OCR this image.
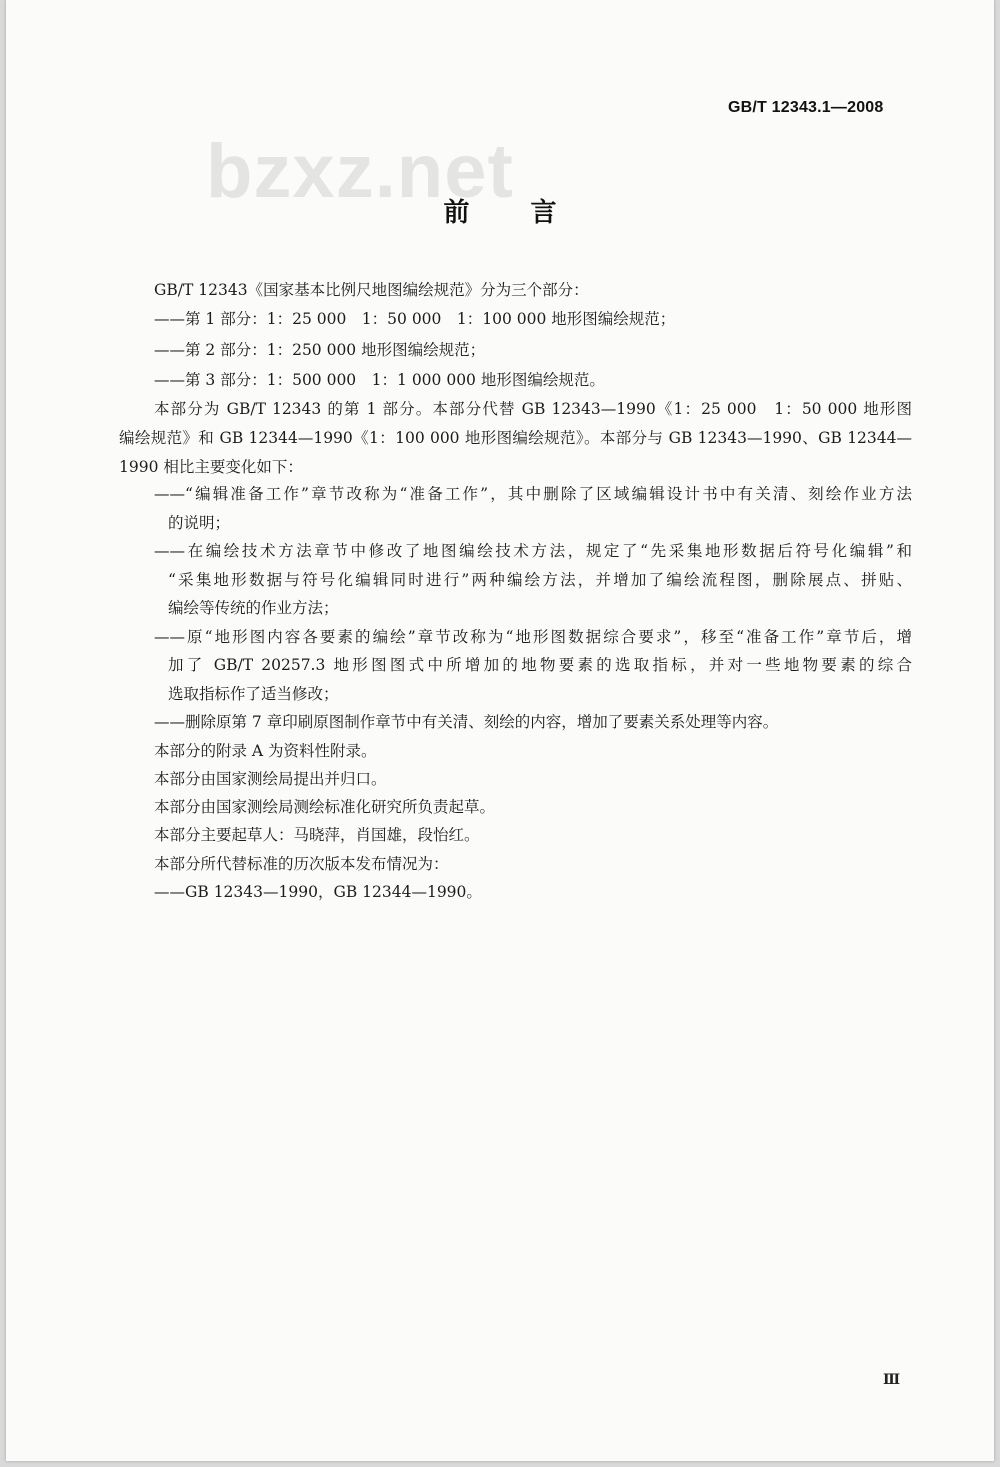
GB/T 12343.1—2008
bzxz.net
前 言
GB/T 12343《国家基本比例尺地图编绘规范》分为三个部分：
——第 1 部分：1：25 000　1：50 000　1：100 000 地形图编绘规范；
——第 2 部分：1：250 000 地形图编绘规范；
——第 3 部分：1：500 000　1：1 000 000 地形图编绘规范。
本部分为 GB/T 12343 的第 1 部分。本部分代替 GB 12343—1990《1：25 000　1：50 000 地形图
编绘规范》和 GB 12344—1990《1：100 000 地形图编绘规范》。本部分与 GB 12343—1990、GB 12344—
1990 相比主要变化如下：
——“编辑准备工作”章节改称为“准备工作”，其中删除了区域编辑设计书中有关清、刻绘作业方法
的说明；
——在编绘技术方法章节中修改了地图编绘技术方法，规定了“先采集地形数据后符号化编辑”和
“采集地形数据与符号化编辑同时进行”两种编绘方法，并增加了编绘流程图，删除展点、拼贴、
编绘等传统的作业方法；
——原“地形图内容各要素的编绘”章节改称为“地形图数据综合要求”，移至“准备工作”章节后，增
加了 GB/T 20257.3 地形图图式中所增加的地物要素的选取指标，并对一些地物要素的综合
选取指标作了适当修改；
——删除原第 7 章印刷原图制作章节中有关清、刻绘的内容，增加了要素关系处理等内容。
本部分的附录 A 为资料性附录。
本部分由国家测绘局提出并归口。
本部分由国家测绘局测绘标准化研究所负责起草。
本部分主要起草人：马晓萍，肖国雄，段怡红。
本部分所代替标准的历次版本发布情况为：
——GB 12343—1990，GB 12344—1990。
Ⅲ
